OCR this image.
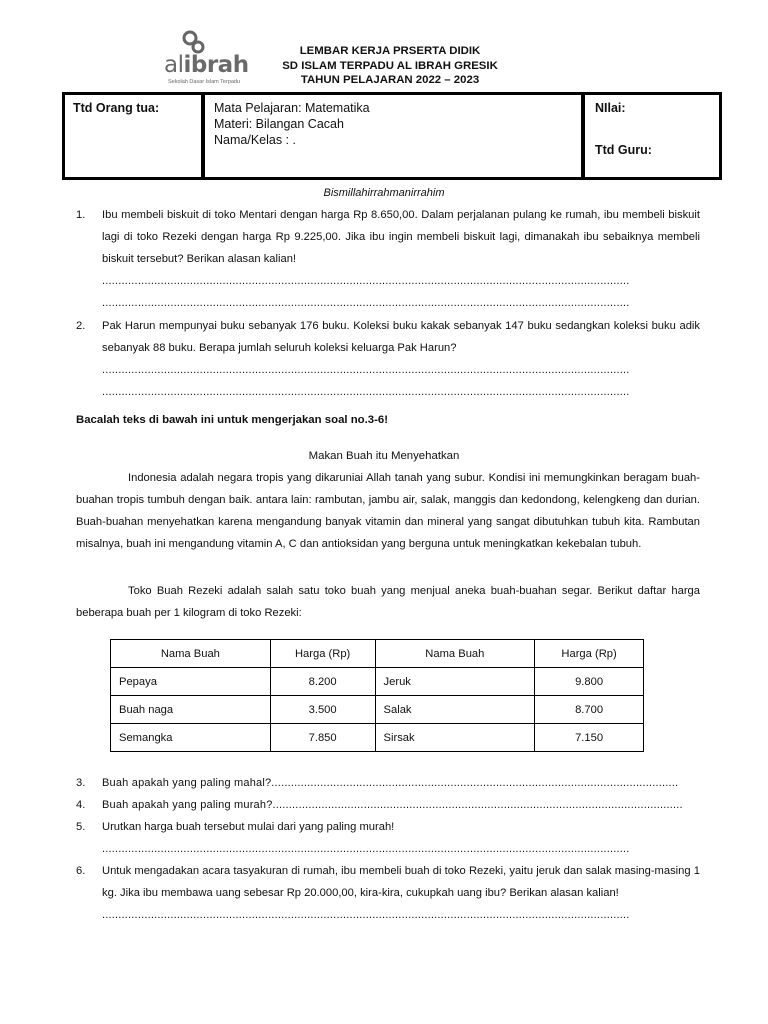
alibrah
Sekolah Dasar Islam Terpadu
LEMBAR KERJA PRSERTA DIDIK
SD ISLAM TERPADU AL IBRAH GRESIK
TAHUN PELAJARAN 2022 – 2023
Ttd Orang tua:	Mata Pelajaran: Matematika
Materi: Bilangan Cacah
Nama/Kelas : .
NIlai:
Ttd Guru:
Bismillahirrahmanirrahim
1. Ibu membeli biskuit di toko Mentari dengan harga Rp 8.650,00. Dalam perjalanan pulang ke rumah, ibu membeli biskuit lagi di toko Rezeki dengan harga Rp 9.225,00. Jika ibu ingin membeli biskuit lagi, dimanakah ibu sebaiknya membeli biskuit tersebut? Berikan alasan kalian!
..................................................................................................................................................................
..................................................................................................................................................................
2. Pak Harun mempunyai buku sebanyak 176 buku. Koleksi buku kakak sebanyak 147 buku sedangkan koleksi buku adik sebanyak 88 buku. Berapa jumlah seluruh koleksi keluarga Pak Harun?
..................................................................................................................................................................
..................................................................................................................................................................
Bacalah teks di bawah ini untuk mengerjakan soal no.3-6!
Makan Buah itu Menyehatkan
Indonesia adalah negara tropis yang dikaruniai Allah tanah yang subur. Kondisi ini memungkinkan beragam buah-buahan tropis tumbuh dengan baik. antara lain: rambutan, jambu air, salak, manggis dan kedondong, kelengkeng dan durian. Buah-buahan menyehatkan karena mengandung banyak vitamin dan mineral yang sangat dibutuhkan tubuh kita. Rambutan misalnya, buah ini mengandung vitamin A, C dan antioksidan yang berguna untuk meningkatkan kekebalan tubuh.
Toko Buah Rezeki adalah salah satu toko buah yang menjual aneka buah-buahan segar. Berikut daftar harga beberapa buah per 1 kilogram di toko Rezeki:
Nama Buah	Harga (Rp)	Nama Buah	Harga (Rp)
Pepaya	8.200	Jeruk	9.800
Buah naga	3.500	Salak	8.700
Semangka	7.850	Sirsak	7.150
3. Buah apakah yang paling mahal?.............................................................................................................................
4. Buah apakah yang paling murah?..............................................................................................................................
5. Urutkan harga buah tersebut mulai dari yang paling murah!
..................................................................................................................................................................
6. Untuk mengadakan acara tasyakuran di rumah, ibu membeli buah di toko Rezeki, yaitu jeruk dan salak masing-masing 1 kg. Jika ibu membawa uang sebesar Rp 20.000,00, kira-kira, cukupkah uang ibu? Berikan alasan kalian!
..................................................................................................................................................................
